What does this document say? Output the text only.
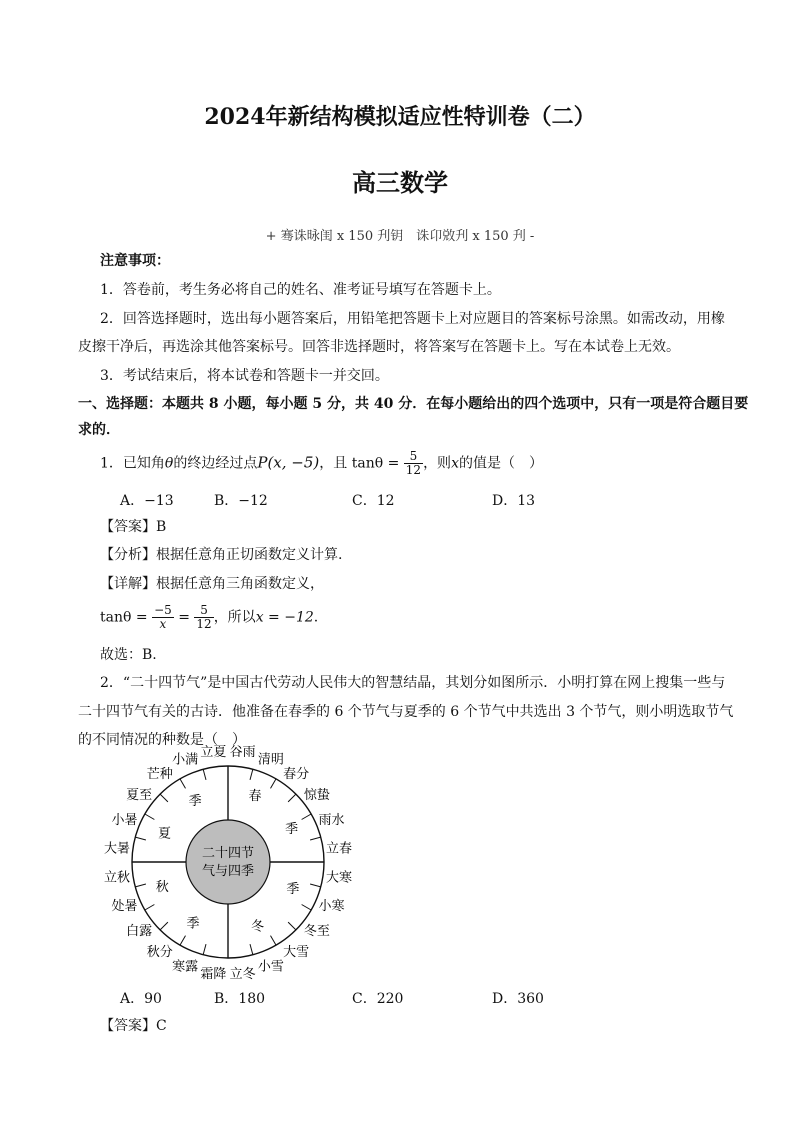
2024年新结构模拟适应性特训卷（二）
高三数学
+ 骞诛昹闺 x 150 刋钥　诛卬敚刋 x 150 刋 -
注意事项：
1．答卷前，考生务必将自己的姓名、准考证号填写在答题卡上。
2．回答选择题时，选出每小题答案后，用铅笔把答题卡上对应题目的答案标号涂黑。如需改动，用橡
皮擦干净后，再选涂其他答案标号。回答非选择题时，将答案写在答题卡上。写在本试卷上无效。
3．考试结束后，将本试卷和答题卡一并交回。
一、选择题：本题共 8 小题，每小题 5 分，共 40 分．在每小题给出的四个选项中，只有一项是符合题目要
求的．
1．已知角θ的终边经过点P(x, −5)，且 $\tan\theta = \frac{5}{12}$ ，则x的值是（　）
A．−13	B．−12	C．12	D．13
【答案】B
【分析】根据任意角正切函数定义计算.
【详解】根据任意角三角函数定义，
$\tan\theta = \frac{-5}{x} = \frac{5}{12}$ ，所以x = −12.
故选：B.
2．“二十四节气”是中国古代劳动人民伟大的智慧结晶，其划分如图所示．小明打算在网上搜集一些与
二十四节气有关的古诗．他准备在春季的 6 个节气与夏季的 6 个节气中共选出 3 个节气，则小明选取节气
的不同情况的种数是（　）
二十四节
气与四季
春
季
夏
季
秋
季	冬
季
立夏 谷雨
清明
春分
惊蛰
雨水
立春
大寒
小寒
冬至
大雪
小雪
立冬
霜降
寒露
秋分
白露
处暑
立秋
大暑
小暑
夏至
芒种
小满
A．90	B．180	C．220	D．360
【答案】C
